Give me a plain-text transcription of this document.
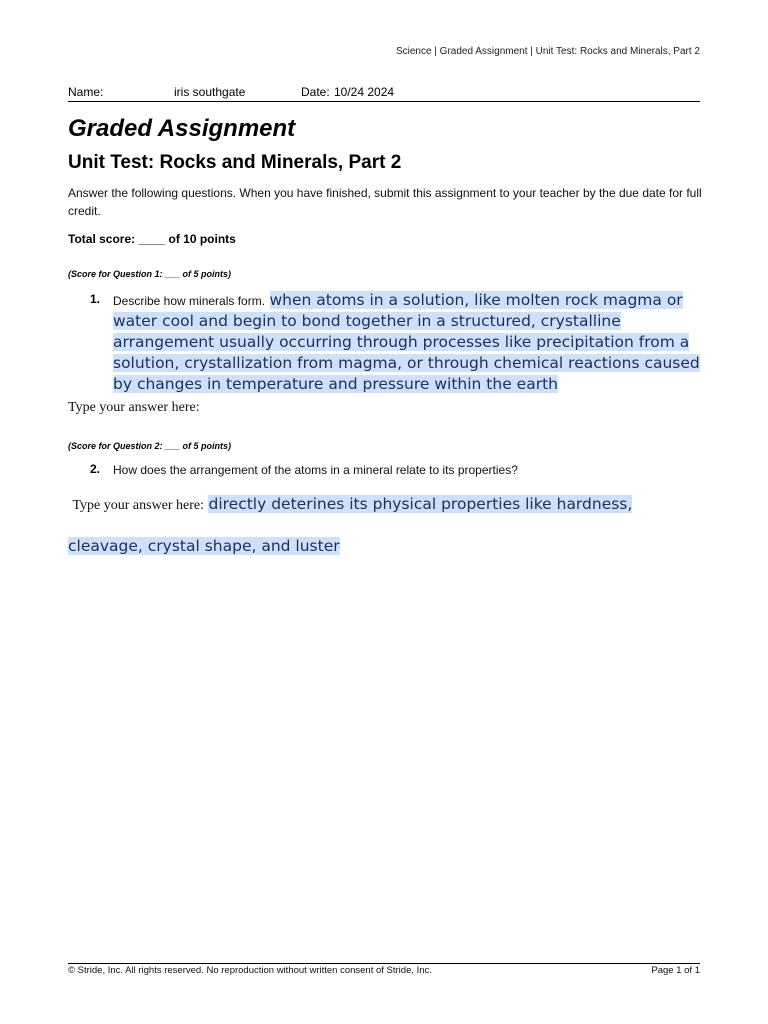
Science | Graded Assignment | Unit Test: Rocks and Minerals, Part 2
Name:	iris southgate	Date: 10/24 2024
Graded Assignment
Unit Test: Rocks and Minerals, Part 2
Answer the following questions. When you have finished, submit this assignment to your teacher by the due date for full credit.
Total score: ____ of 10 points
(Score for Question 1: ___ of 5 points)
1. Describe how minerals form. when atoms in a solution, like molten rock magma or water cool and begin to bond together in a structured, crystalline arrangement usually occurring through processes like precipitation from a solution, crystallization from magma, or through chemical reactions caused by changes in temperature and pressure within the earth
Type your answer here:
(Score for Question 2: ___ of 5 points)
2. How does the arrangement of the atoms in a mineral relate to its properties?
Type your answer here: directly deterines its physical properties like hardness, cleavage, crystal shape, and luster
© Stride, Inc. All rights reserved. No reproduction without written consent of Stride, Inc.	Page 1 of 1
